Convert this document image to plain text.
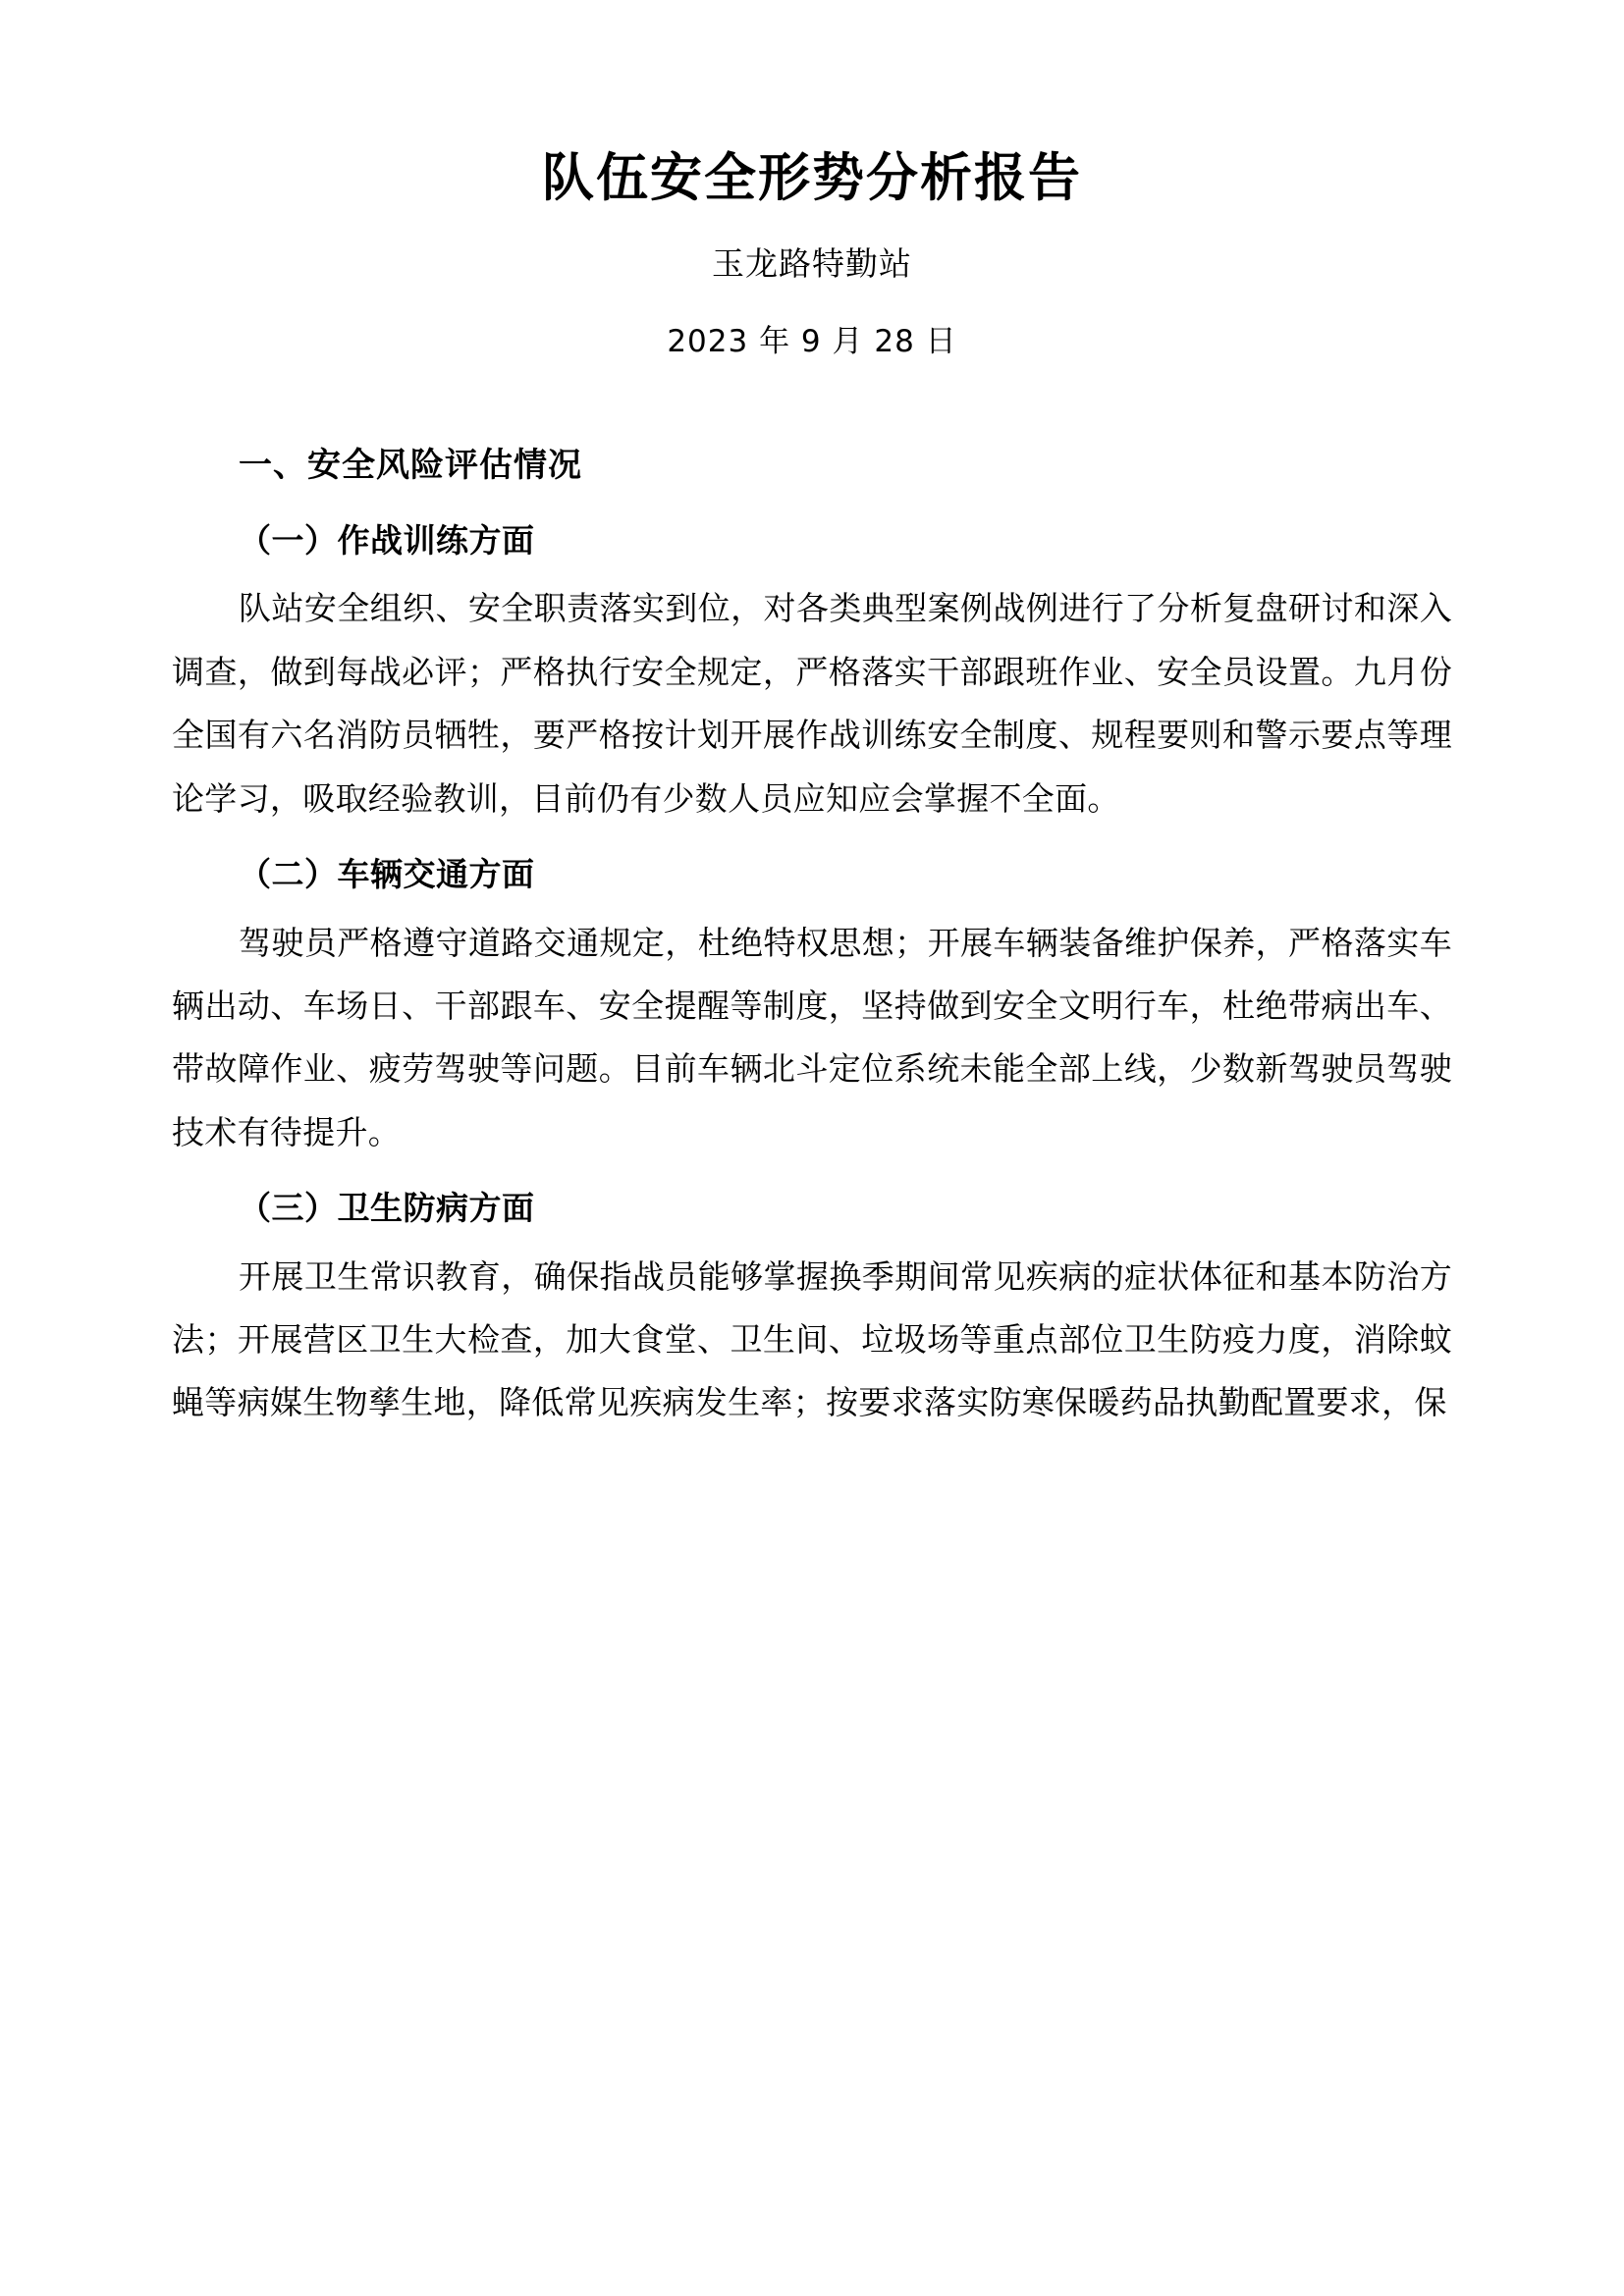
队伍安全形势分析报告
玉龙路特勤站
2023 年 9 月 28 日
一、安全风险评估情况
（一）作战训练方面

队站安全组织、安全职责落实到位，对各类典型案例战例进行了分析复盘研讨和深入调查，做到每战必评；严格执行安全规定，严格落实干部跟班作业、安全员设置。九月份全国有六名消防员牺牲，要严格按计划开展作战训练安全制度、规程要则和警示要点等理论学习，吸取经验教训，目前仍有少数人员应知应会掌握不全面。

（二）车辆交通方面

驾驶员严格遵守道路交通规定，杜绝特权思想；开展车辆装备维护保养，严格落实车辆出动、车场日、干部跟车、安全提醒等制度，坚持做到安全文明行车，杜绝带病出车、带故障作业、疲劳驾驶等问题。目前车辆北斗定位系统未能全部上线，少数新驾驶员驾驶技术有待提升。

（三）卫生防病方面

开展卫生常识教育，确保指战员能够掌握换季期间常见疾病的症状体征和基本防治方法；开展营区卫生大检查，加大食堂、卫生间、垃圾场等重点部位卫生防疫力度，消除蚊蝇等病媒生物孳生地，降低常见疾病发生率；按要求落实防寒保暖药品执勤配置要求，保
